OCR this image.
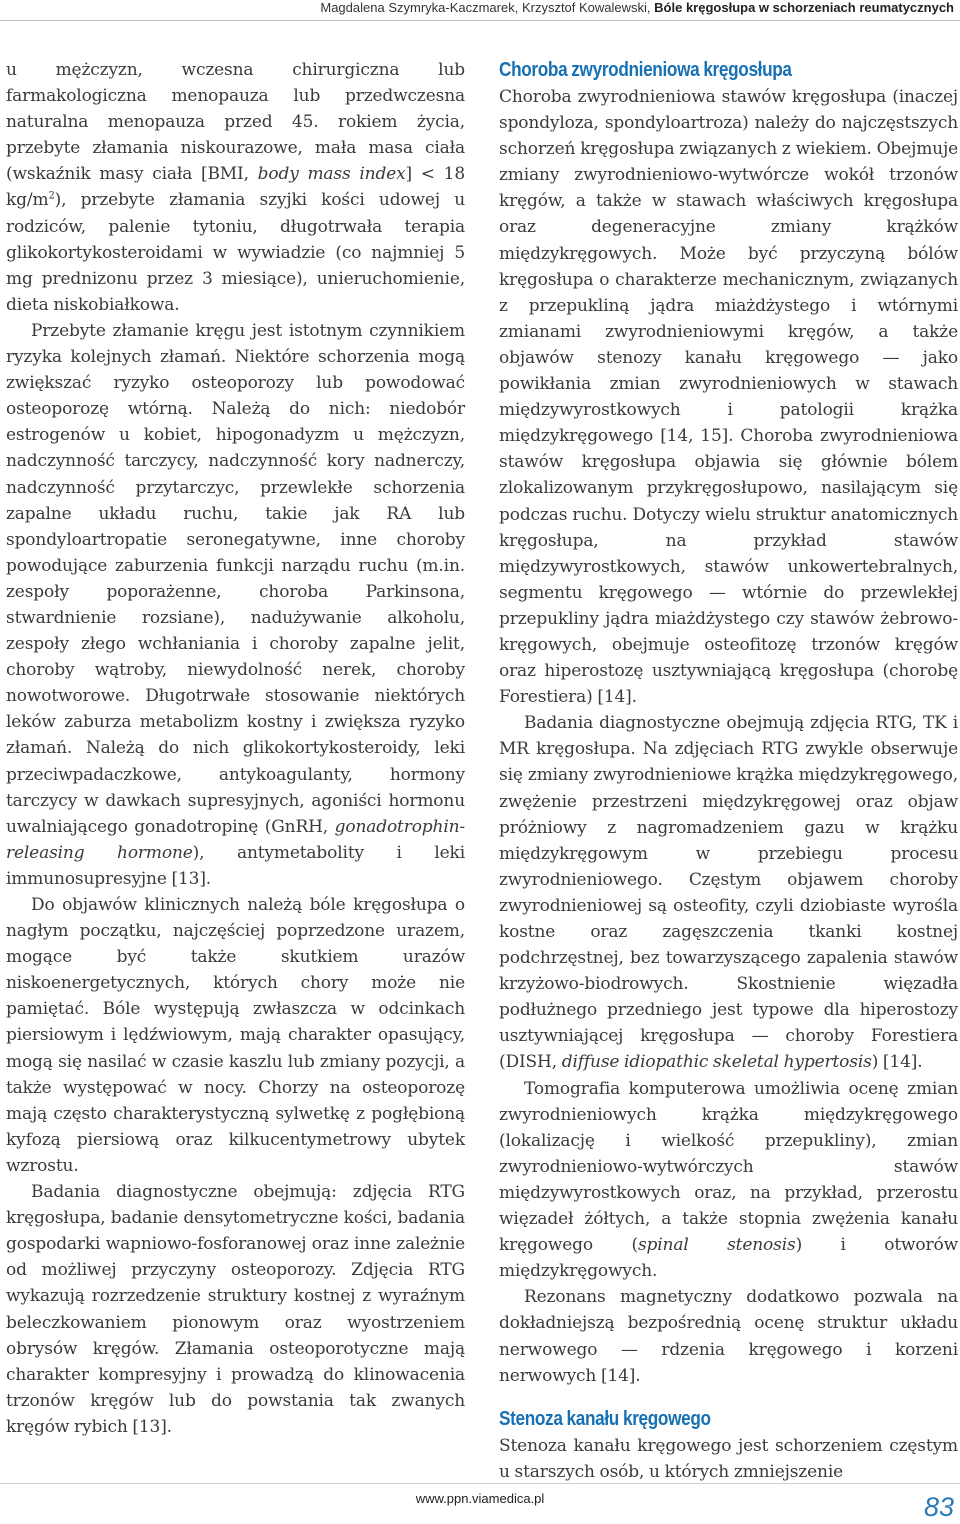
Magdalena Szymryka-Kaczmarek, Krzysztof Kowalewski, Bóle kręgosłupa w schorzeniach reumatycznych

u mężczyzn, wczesna chirurgiczna lub farmakologiczna menopauza lub przedwczesna naturalna menopauza przed 45. rokiem życia, przebyte złamania niskourazowe, mała masa ciała (wskaźnik masy ciała [BMI, body mass index] < 18 $kg/m^2$), przebyte złamania szyjki kości udowej u rodziców, palenie tytoniu, długotrwała terapia glikokortykosteroidami w wywiadzie (co najmniej 5 mg prednizonu przez 3 miesiące), unieruchomienie, dieta niskobiałkowa.

Przebyte złamanie kręgu jest istotnym czynnikiem ryzyka kolejnych złamań. Niektóre schorzenia mogą zwiększać ryzyko osteoporozy lub powodować osteoporozę wtórną. Należą do nich: niedobór estrogenów u kobiet, hipogonadyzm u mężczyzn, nadczynność tarczycy, nadczynność kory nadnerczy, nadczynność przytarczyc, przewlekłe schorzenia zapalne układu ruchu, takie jak RA lub spondyloartropatie seronegatywne, inne choroby powodujące zaburzenia funkcji narządu ruchu (m.in. zespoły poporażenne, choroba Parkinsona, stwardnienie rozsiane), nadużywanie alkoholu, zespoły złego wchłaniania i choroby zapalne jelit, choroby wątroby, niewydolność nerek, choroby nowotworowe. Długotrwałe stosowanie niektórych leków zaburza metabolizm kostny i zwiększa ryzyko złamań. Należą do nich glikokortykosteroidy, leki przeciwpadaczkowe, antykoagulanty, hormony tarczycy w dawkach supresyjnych, agoniści hormonu uwalniającego gonadotropinę (GnRH, gonadotrophin-releasing hormone), antymetabolity i leki immunosupresyjne [13].

Do objawów klinicznych należą bóle kręgosłupa o nagłym początku, najczęściej poprzedzone urazem, mogące być także skutkiem urazów niskoenergetycznych, których chory może nie pamiętać. Bóle występują zwłaszcza w odcinkach piersiowym i lędźwiowym, mają charakter opasujący, mogą się nasilać w czasie kaszlu lub zmiany pozycji, a także występować w nocy. Chorzy na osteoporozę mają często charakterystyczną sylwetkę z pogłębioną kyfozą piersiową oraz kilkucentymetrowy ubytek wzrostu.

Badania diagnostyczne obejmują: zdjęcia RTG kręgosłupa, badanie densytometryczne kości, badania gospodarki wapniowo-fosforanowej oraz inne zależnie od możliwej przyczyny osteoporozy. Zdjęcia RTG wykazują rozrzedzenie struktury kostnej z wyraźnym beleczkowaniem pionowym oraz wyostrzeniem obrysów kręgów. Złamania osteoporotyczne mają charakter kompresyjny i prowadzą do klinowacenia trzonów kręgów lub do powstania tak zwanych kręgów rybich [13].

Choroba zwyrodnieniowa kręgosłupa

Choroba zwyrodnieniowa stawów kręgosłupa (inaczej spondyloza, spondyloartroza) należy do najczęstszych schorzeń kręgosłupa związanych z wiekiem. Obejmuje zmiany zwyrodnieniowo-wytwórcze wokół trzonów kręgów, a także w stawach właściwych kręgosłupa oraz degeneracyjne zmiany krążków międzykręgowych. Może być przyczyną bólów kręgosłupa o charakterze mechanicznym, związanych z przepukliną jądra miażdżystego i wtórnymi zmianami zwyrodnieniowymi kręgów, a także objawów stenozy kanału kręgowego — jako powikłania zmian zwyrodnieniowych w stawach międzywyrostkowych i patologii krążka międzykręgowego [14, 15]. Choroba zwyrodnieniowa stawów kręgosłupa objawia się głównie bólem zlokalizowanym przykręgosłupowo, nasilającym się podczas ruchu. Dotyczy wielu struktur anatomicznych kręgosłupa, na przykład stawów międzywyrostkowych, stawów unkowertebralnych, segmentu kręgowego — wtórnie do przewlekłej przepukliny jądra miażdżystego czy stawów żebrowo-kręgowych, obejmuje osteofitozę trzonów kręgów oraz hiperostozę usztywniającą kręgosłupa (chorobę Forestiera) [14].

Badania diagnostyczne obejmują zdjęcia RTG, TK i MR kręgosłupa. Na zdjęciach RTG zwykle obserwuje się zmiany zwyrodnieniowe krążka międzykręgowego, zwężenie przestrzeni międzykręgowej oraz objaw próżniowy z nagromadzeniem gazu w krążku międzykręgowym w przebiegu procesu zwyrodnieniowego. Częstym objawem choroby zwyrodnieniowej są osteofity, czyli dziobiaste wyrośla kostne oraz zagęszczenia tkanki kostnej podchrzęstnej, bez towarzyszącego zapalenia stawów krzyżowo-biodrowych. Skostnienie więzadła podłużnego przedniego jest typowe dla hiperostozy usztywniającej kręgosłupa — choroby Forestiera (DISH, diffuse idiopathic skeletal hypertosis) [14].

Tomografia komputerowa umożliwia ocenę zmian zwyrodnieniowych krążka międzykręgowego (lokalizację i wielkość przepukliny), zmian zwyrodnieniowo-wytwórczych stawów międzywyrostkowych oraz, na przykład, przerostu więzadeł żółtych, a także stopnia zwężenia kanału kręgowego (spinal stenosis) i otworów międzykręgowych.

Rezonans magnetyczny dodatkowo pozwala na dokładniejszą bezpośrednią ocenę struktur układu nerwowego — rdzenia kręgowego i korzeni nerwowych [14].

Stenoza kanału kręgowego

Stenoza kanału kręgowego jest schorzeniem częstym u starszych osób, u których zmniejszenie

www.ppn.viamedica.pl	83
